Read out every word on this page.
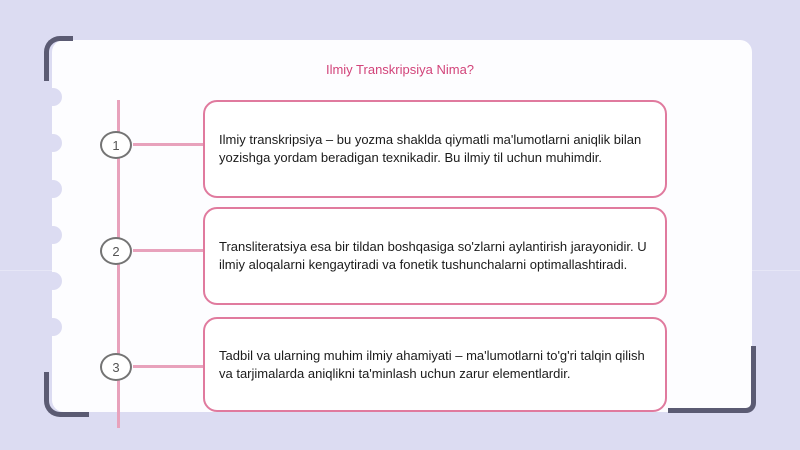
Ilmiy Transkripsiya Nima?
1	Ilmiy transkripsiya – bu yozma shaklda qiymatli ma'lumotlarni aniqlik bilan yozishga yordam beradigan texnikadir. Bu ilmiy til uchun muhimdir.
2	Transliteratsiya esa bir tildan boshqasiga so'zlarni aylantirish jarayonidir. U ilmiy aloqalarni kengaytiradi va fonetik tushunchalarni optimallashtiradi.
3
Tadbil va ularning muhim ilmiy ahamiyati – ma'lumotlarni to'g'ri talqin qilish va tarjimalarda aniqlikni ta'minlash uchun zarur elementlardir.
